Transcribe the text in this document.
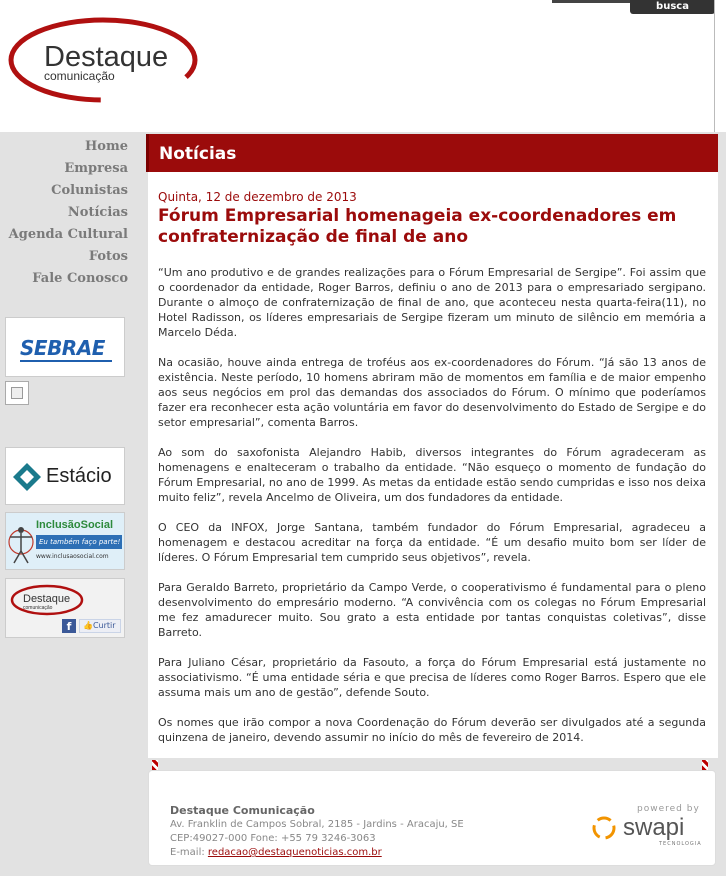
busca
Destaque
comunicação
Home
Empresa
Colunistas
Notícias
Agenda Cultural
Fotos
Fale Conosco
SEBRAE
Estácio
InclusãoSocial
Eu também faço parte!
www.inclusaosocial.com
Destaque
comunicação
f	👍Curtir
Notícias
Quinta, 12 de dezembro de 2013
Fórum Empresarial homenageia ex-coordenadores em confraternização de final de ano

“Um ano produtivo e de grandes realizações para o Fórum Empresarial de Sergipe”. Foi assim que o coordenador da entidade, Roger Barros, definiu o ano de 2013 para o empresariado sergipano. Durante o almoço de confraternização de final de ano, que aconteceu nesta quarta-feira(11), no Hotel Radisson, os líderes empresariais de Sergipe fizeram um minuto de silêncio em memória a Marcelo Déda.

Na ocasião, houve ainda entrega de troféus aos ex-coordenadores do Fórum. “Já são 13 anos de existência. Neste período, 10 homens abriram mão de momentos em família e de maior empenho aos seus negócios em prol das demandas dos associados do Fórum. O mínimo que poderíamos fazer era reconhecer esta ação voluntária em favor do desenvolvimento do Estado de Sergipe e do setor empresarial”, comenta Barros.

Ao som do saxofonista Alejandro Habib, diversos integrantes do Fórum agradeceram as homenagens e enalteceram o trabalho da entidade. “Não esqueço o momento de fundação do Fórum Empresarial, no ano de 1999. As metas da entidade estão sendo cumpridas e isso nos deixa muito feliz”, revela Ancelmo de Oliveira, um dos fundadores da entidade.

O CEO da INFOX, Jorge Santana, também fundador do Fórum Empresarial, agradeceu a homenagem e destacou acreditar na força da entidade. “É um desafio muito bom ser líder de líderes. O Fórum Empresarial tem cumprido seus objetivos”, revela.

Para Geraldo Barreto, proprietário da Campo Verde, o cooperativismo é fundamental para o pleno desenvolvimento do empresário moderno. “A convivência com os colegas no Fórum Empresarial me fez amadurecer muito. Sou grato a esta entidade por tantas conquistas coletivas”, disse Barreto.

Para Juliano César, proprietário da Fasouto, a força do Fórum Empresarial está justamente no associativismo. “É uma entidade séria e que precisa de líderes como Roger Barros. Espero que ele assuma mais um ano de gestão”, defende Souto.

Os nomes que irão compor a nova Coordenação do Fórum deverão ser divulgados até a segunda quinzena de janeiro, devendo assumir no início do mês de fevereiro de 2014.

Destaque Comunicação
Av. Franklin de Campos Sobral, 2185 - Jardins - Aracaju, SE
CEP:49027-000 Fone: +55 79 3246-3063
E-mail: redacao@destaquenoticias.com.br
powered by
swapi
TECNOLOGIA
